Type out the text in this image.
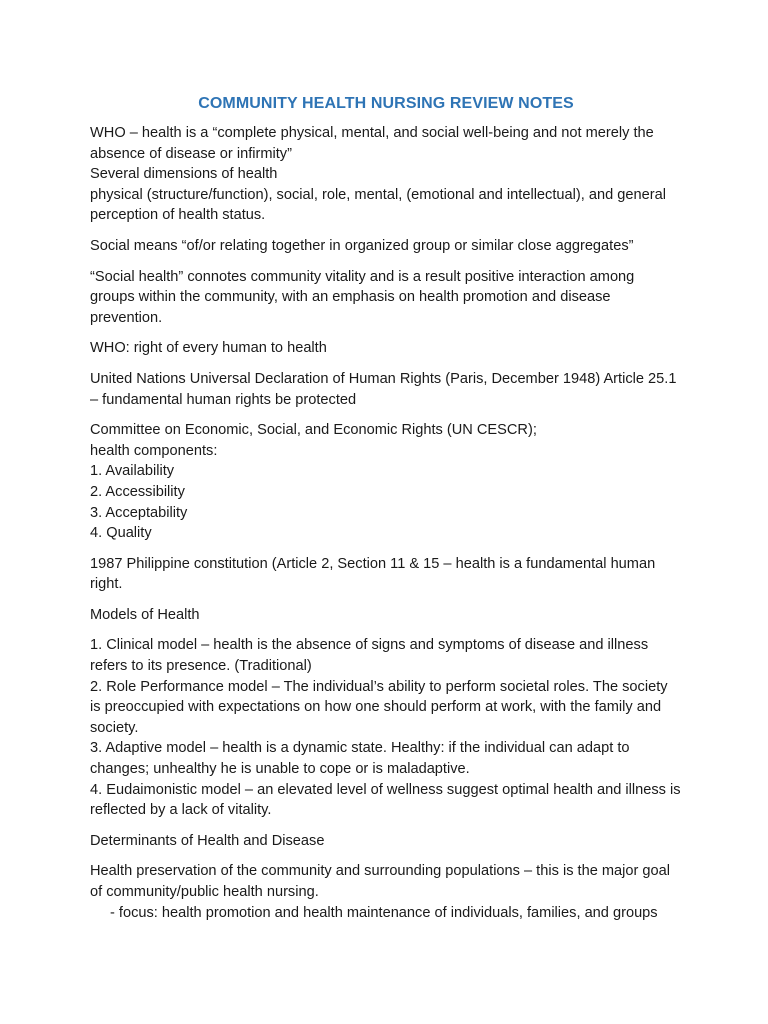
COMMUNITY HEALTH NURSING REVIEW NOTES

WHO – health is a “complete physical, mental, and social well-being and not merely the absence of disease or infirmity”
Several dimensions of health
physical (structure/function), social, role, mental, (emotional and intellectual), and general perception of health status.

Social means “of/or relating together in organized group or similar close aggregates”

“Social health” connotes community vitality and is a result positive interaction among groups within the community, with an emphasis on health promotion and disease prevention.

WHO: right of every human to health

United Nations Universal Declaration of Human Rights (Paris, December 1948) Article 25.1 – fundamental human rights be protected

Committee on Economic, Social, and Economic Rights (UN CESCR);
health components:
1. Availability
2. Accessibility
3. Acceptability
4. Quality

1987 Philippine constitution (Article 2, Section 11 & 15 – health is a fundamental human right.

Models of Health

1. Clinical model – health is the absence of signs and symptoms of disease and illness refers to its presence. (Traditional)
2. Role Performance model – The individual’s ability to perform societal roles. The society is preoccupied with expectations on how one should perform at work, with the family and society.
3. Adaptive model – health is a dynamic state. Healthy: if the individual can adapt to changes; unhealthy he is unable to cope or is maladaptive.
4. Eudaimonistic model – an elevated level of wellness suggest optimal health and illness is reflected by a lack of vitality.

Determinants of Health and Disease

Health preservation of the community and surrounding populations – this is the major goal of community/public health nursing.
- focus: health promotion and health maintenance of individuals, families, and groups
